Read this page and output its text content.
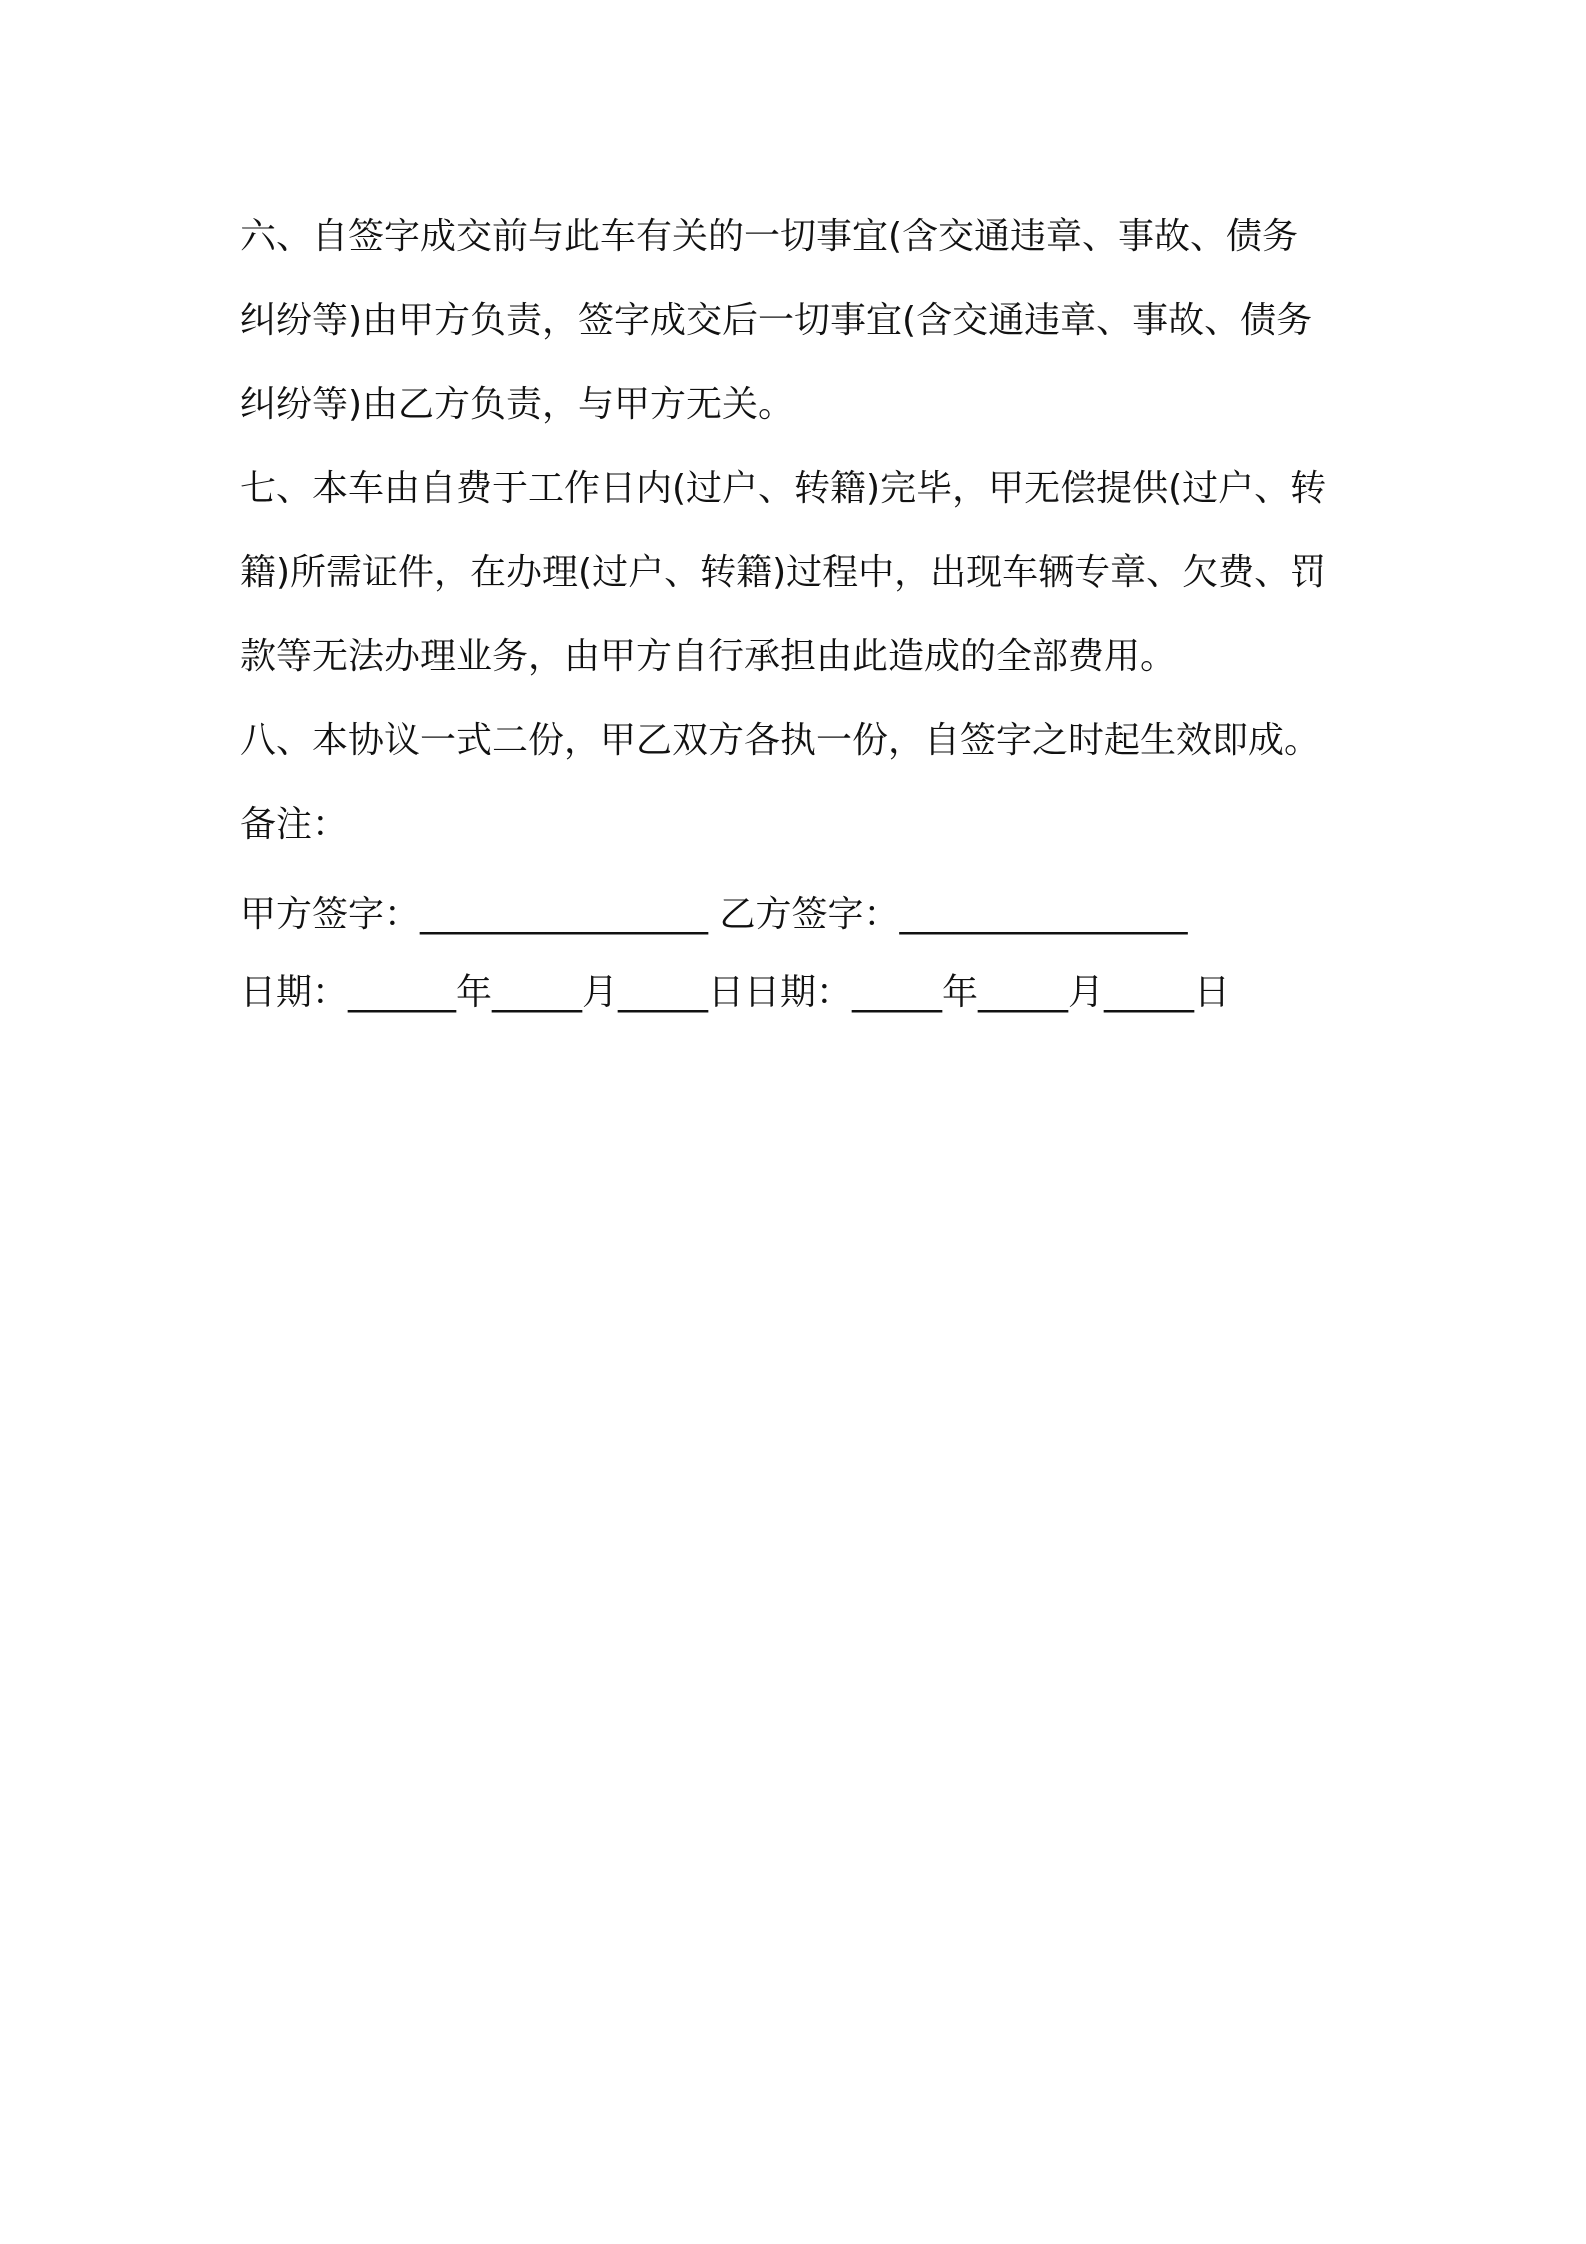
六、自签字成交前与此车有关的一切事宜(含交通违章、事故、债务
纠纷等)由甲方负责，签字成交后一切事宜(含交通违章、事故、债务
纠纷等)由乙方负责，与甲方无关。
七、本车由自费于工作日内(过户、转籍)完毕，甲无偿提供(过户、转
籍)所需证件，在办理(过户、转籍)过程中，出现车辆专章、欠费、罚
款等无法办理业务，由甲方自行承担由此造成的全部费用。
八、本协议一式二份，甲乙双方各执一份，自签字之时起生效即成。
备注：
甲方签字：________________ 乙方签字：________________
日期：______年_____月_____日日期：_____年_____月_____日
